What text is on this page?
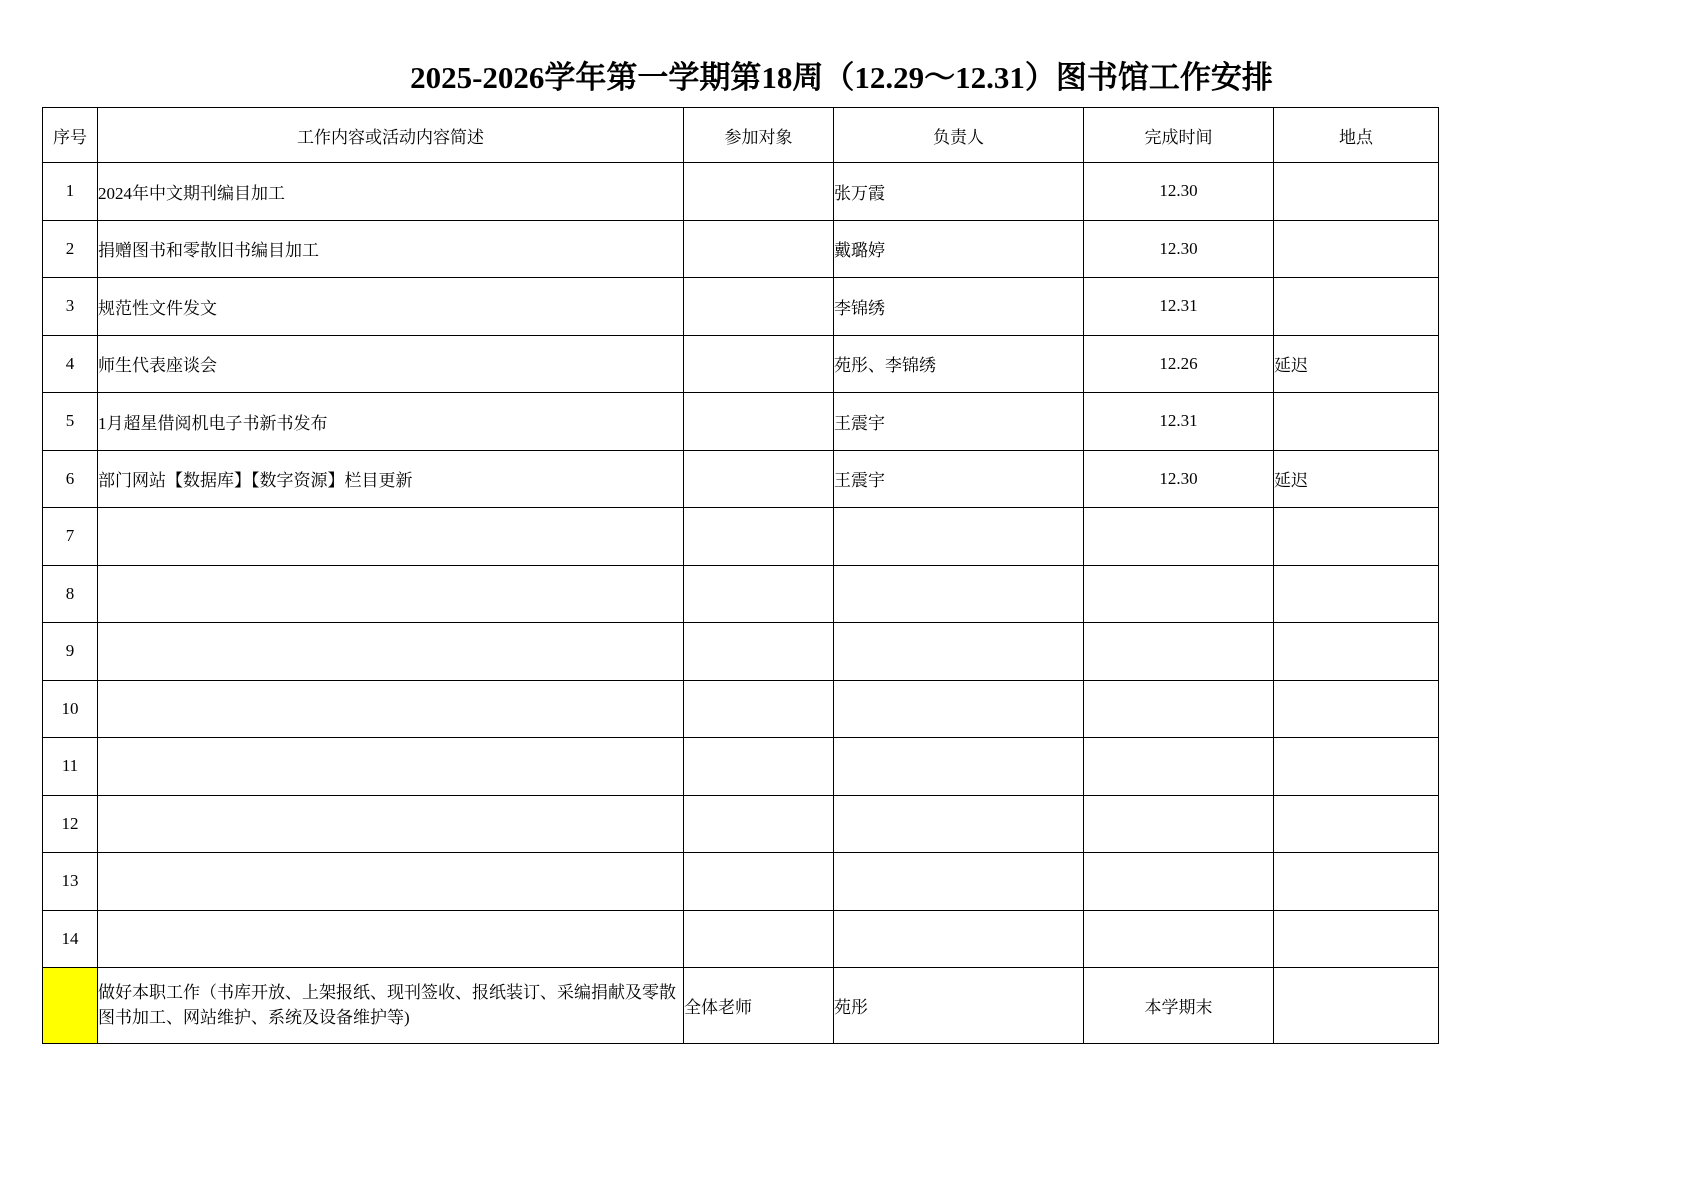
2025-2026学年第一学期第18周（12.29～12.31）图书馆工作安排
序号	工作内容或活动内容简述	参加对象	负责人	完成时间	地点
1	2024年中文期刊编目加工		张万霞	12.30	
2	捐赠图书和零散旧书编目加工		戴璐婷	12.30	
3	规范性文件发文		李锦绣	12.31	
4	师生代表座谈会		苑彤、李锦绣	12.26	延迟
5	1月超星借阅机电子书新书发布		王震宇	12.31	
6	部门网站【数据库】【数字资源】栏目更新		王震宇	12.30	延迟
7					
8					
9					
10					
11					
12					
13					
14					
	做好本职工作（书库开放、上架报纸、现刊签收、报纸装订、采编捐献及零散图书加工、网站维护、系统及设备维护等)	全体老师	苑彤	本学期末	
